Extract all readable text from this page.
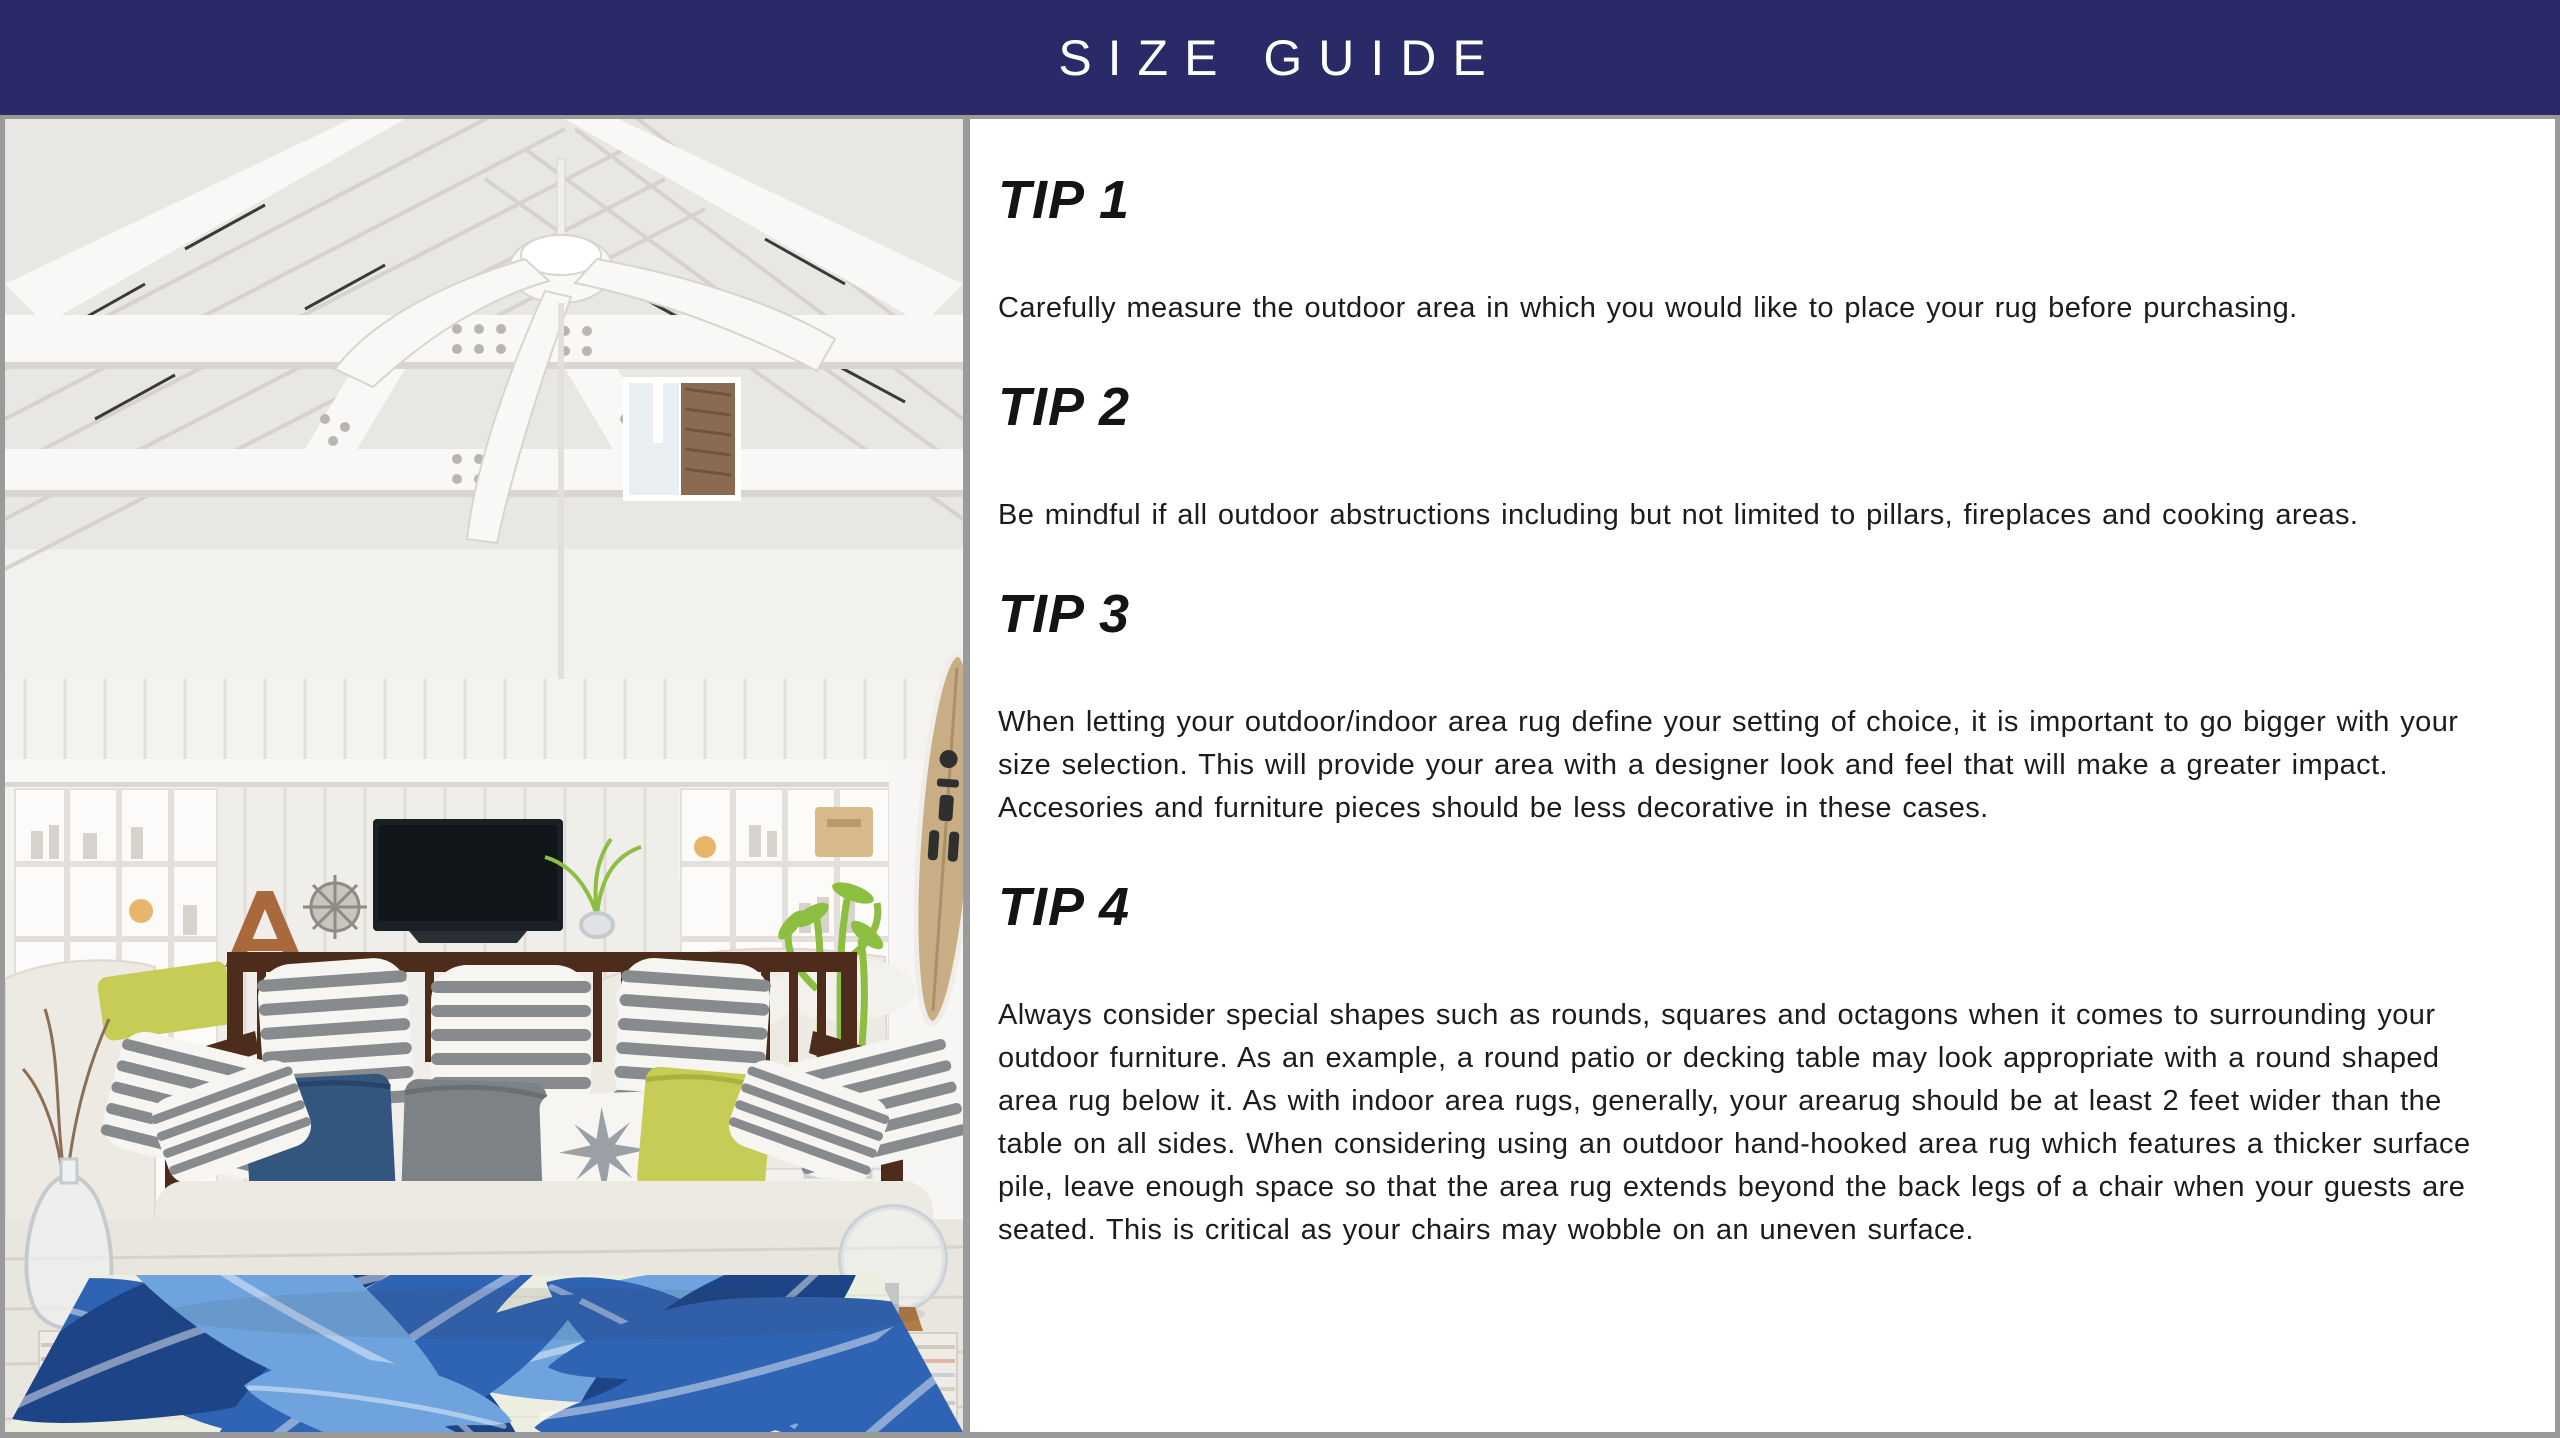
SIZE GUIDE
TIP 1

Carefully measure the outdoor area in which you would like to place your rug before purchasing.

TIP 2

Be mindful if all outdoor abstructions including but not limited to pillars, fireplaces and cooking areas.

TIP 3

When letting your outdoor/indoor area rug define your setting of choice, it is important to go bigger with your size selection. This will provide your area with a designer look and feel that will make a greater impact. Accesories and furniture pieces should be less decorative in these cases.

TIP 4

Always consider special shapes such as rounds, squares and octagons when it comes to surrounding your outdoor furniture. As an example, a round patio or decking table may look appropriate with a round shaped area rug below it. As with indoor area rugs, generally, your arearug should be at least 2 feet wider than the table on all sides. When considering using an outdoor hand-hooked area rug which features a thicker surface pile, leave enough space so that the area rug extends beyond the back legs of a chair when your guests are seated. This is critical as your chairs may wobble on an uneven surface.
